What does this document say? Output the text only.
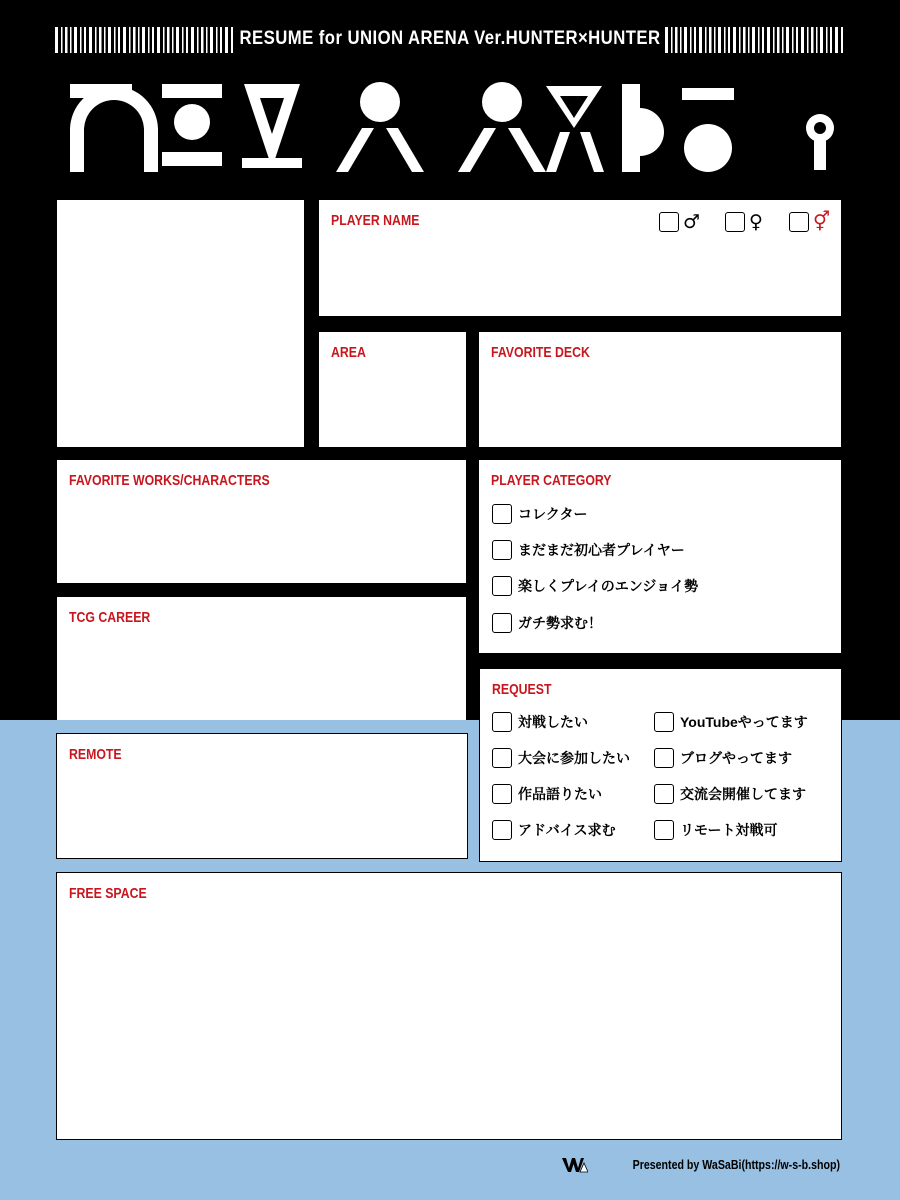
RESUME for UNION ARENA Ver.HUNTER×HUNTER
PLAYER NAME	♂	♀	⚥
AREA	FAVORITE DECK
FAVORITE WORKS/CHARACTERS	PLAYER CATEGORY
コレクター
まだまだ初心者プレイヤー
楽しくプレイのエンジョイ勢
ガチ勢求む！
TCG CAREER
REQUEST
対戦したい
大会に参加したい
作品語りたい
アドバイス求む
YouTubeやってます
ブログやってます
交流会開催してます
リモート対戦可
REMOTE
FREE SPACE
Presented by WaSaBi(https://w-s-b.shop)
